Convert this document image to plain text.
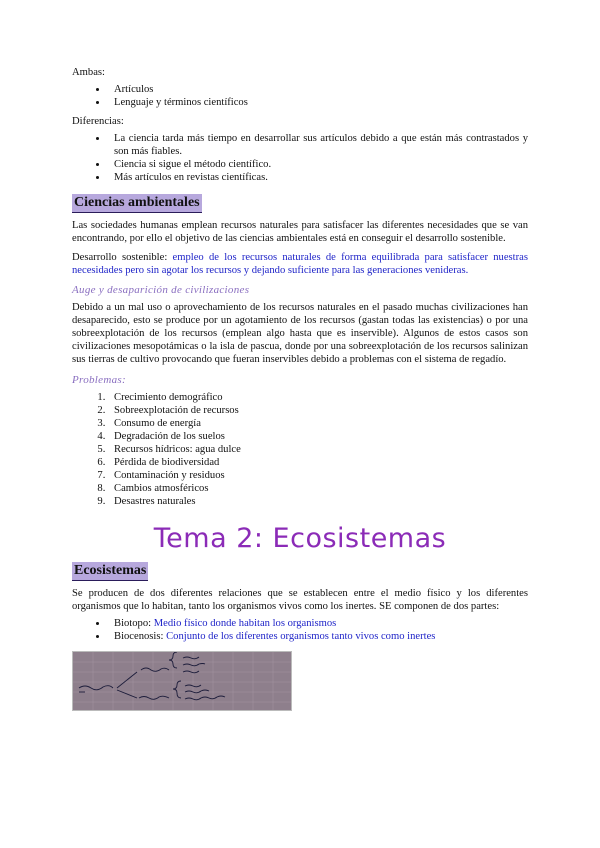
Ambas:

• Artículos
• Lenguaje y términos científicos

Diferencias:

• La ciencia tarda más tiempo en desarrollar sus artículos debido a que están más contrastados y son más fiables.
• Ciencia si sigue el método científico.
• Más artículos en revistas científicas.
Ciencias ambientales

Las sociedades humanas emplean recursos naturales para satisfacer las diferentes necesidades que se van encontrando, por ello el objetivo de las ciencias ambientales está en conseguir el desarrollo sostenible.

Desarrollo sostenible: empleo de los recursos naturales de forma equilibrada para satisfacer nuestras necesidades pero sin agotar los recursos y dejando suficiente para las generaciones venideras.

Auge y desaparición de civilizaciones

Debido a un mal uso o aprovechamiento de los recursos naturales en el pasado muchas civilizaciones han desaparecido, esto se produce por un agotamiento de los recursos (gastan todas las existencias) o por una sobreexplotación de los recursos (emplean algo hasta que es inservible). Algunos de estos casos son civilizaciones mesopotámicas o la isla de pascua, donde por una sobreexplotación de los recursos salinizan sus tierras de cultivo provocando que fueran inservibles debido a problemas con el sistema de regadío.

Problemas:
1. Crecimiento demográfico
2. Sobreexplotación de recursos
3. Consumo de energía
4. Degradación de los suelos
5. Recursos hídricos: agua dulce
6. Pérdida de biodiversidad
7. Contaminación y residuos
8. Cambios atmosféricos
9. Desastres naturales
Tema 2: Ecosistemas
Ecosistemas

Se producen de dos diferentes relaciones que se establecen entre el medio físico y los diferentes organismos que lo habitan, tanto los organismos vivos como los inertes. SE componen de dos partes:

• Biotopo: Medio físico donde habitan los organismos
• Biocenosis: Conjunto de los diferentes organismos tanto vivos como inertes
